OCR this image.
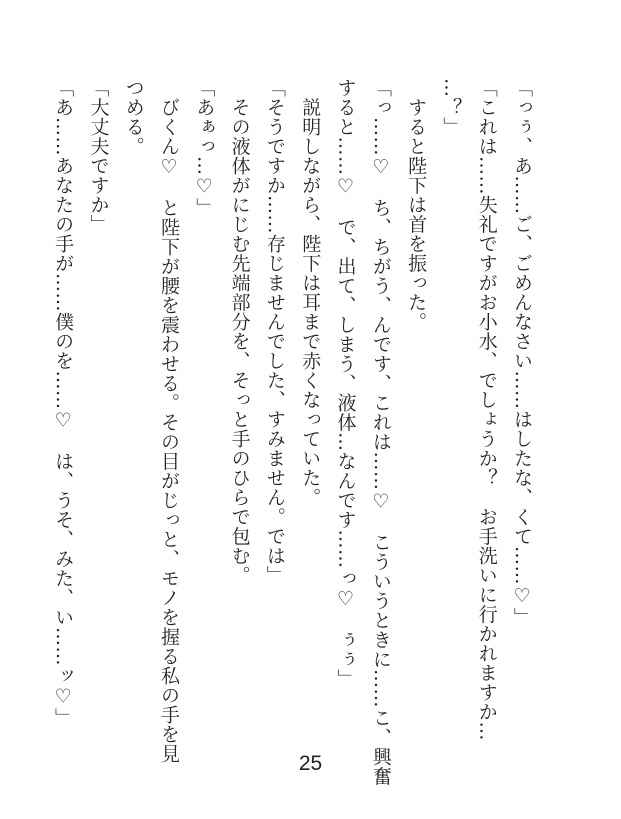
「っぅ、あ……ご、ごめんなさい……はしたな、くて……♡」
「これは……失礼ですがお小水、でしょうか？　お手洗いに行かれますか…
…？」
　すると陛下は首を振った。
「っ……♡　ち、ちがう、んです、これは……♡　こういうときに……こ、興奮
すると……♡　で、出て、しまう、液体…なんです……っ♡　ぅぅ」
　説明しながら、陛下は耳まで赤くなっていた。
「そうですか……存じませんでした、すみません。では」
　その液体がにじむ先端部分を、そっと手のひらで包む。
「あぁっ…♡」
　びくん♡　と陛下が腰を震わせる。その目がじっと、モノを握る私の手を見
つめる。
「大丈夫ですか」
「あ……あなたの手が……僕のを……♡　は、うそ、みた、い……ッ♡」
25
